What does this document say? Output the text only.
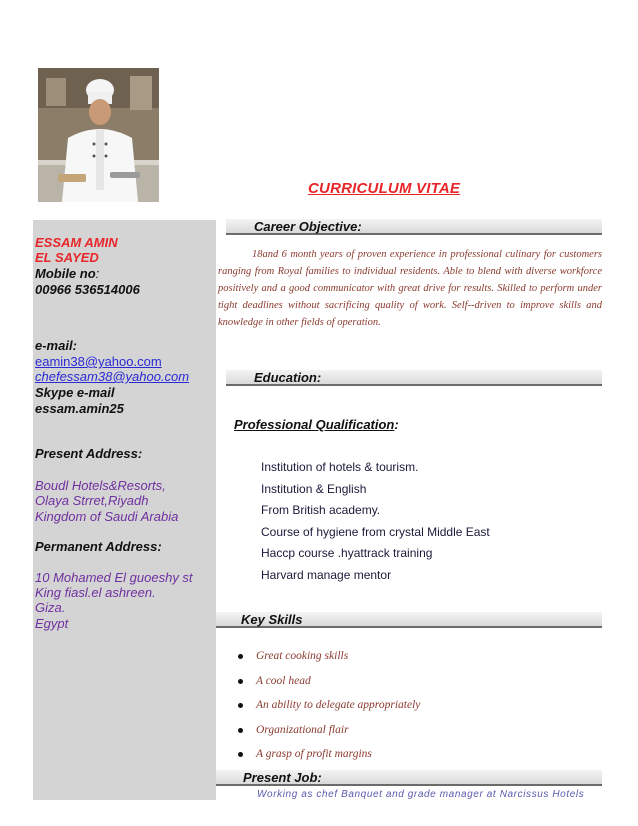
CURRICULUM VITAE
ESSAM AMIN
EL SAYED
Mobile no:
00966 536514006
e-mail:
eamin38@yahoo.com
chefessam38@yahoo.com
Skype e-mail
essam.amin25
Present Address:
Boudl Hotels&Resorts,
Olaya Strret,Riyadh
Kingdom of Saudi Arabia
Permanent Address:
10 Mohamed El guoeshy st
King fiasl.el ashreen.
Giza.
Egypt
Career Objective:
18and 6 month years of proven experience in professional culinary for customers ranging from Royal families to individual residents. Able to blend with diverse workforce positively and a good communicator with great drive for results. Skilled to perform under tight deadlines without sacrificing quality of work. Self--driven to improve skills and knowledge in other fields of operation.
Education:
Professional Qualification:
Institution of hotels & tourism.
Institution & English
From British academy.
Course of hygiene from crystal Middle East
Haccp course .hyattrack training
Harvard manage mentor
Key Skills
Great cooking skills
A cool head
An ability to delegate appropriately
Organizational flair
A grasp of profit margins
Present Job:
Working as chef Banquet and grade manager at Narcissus Hotels
